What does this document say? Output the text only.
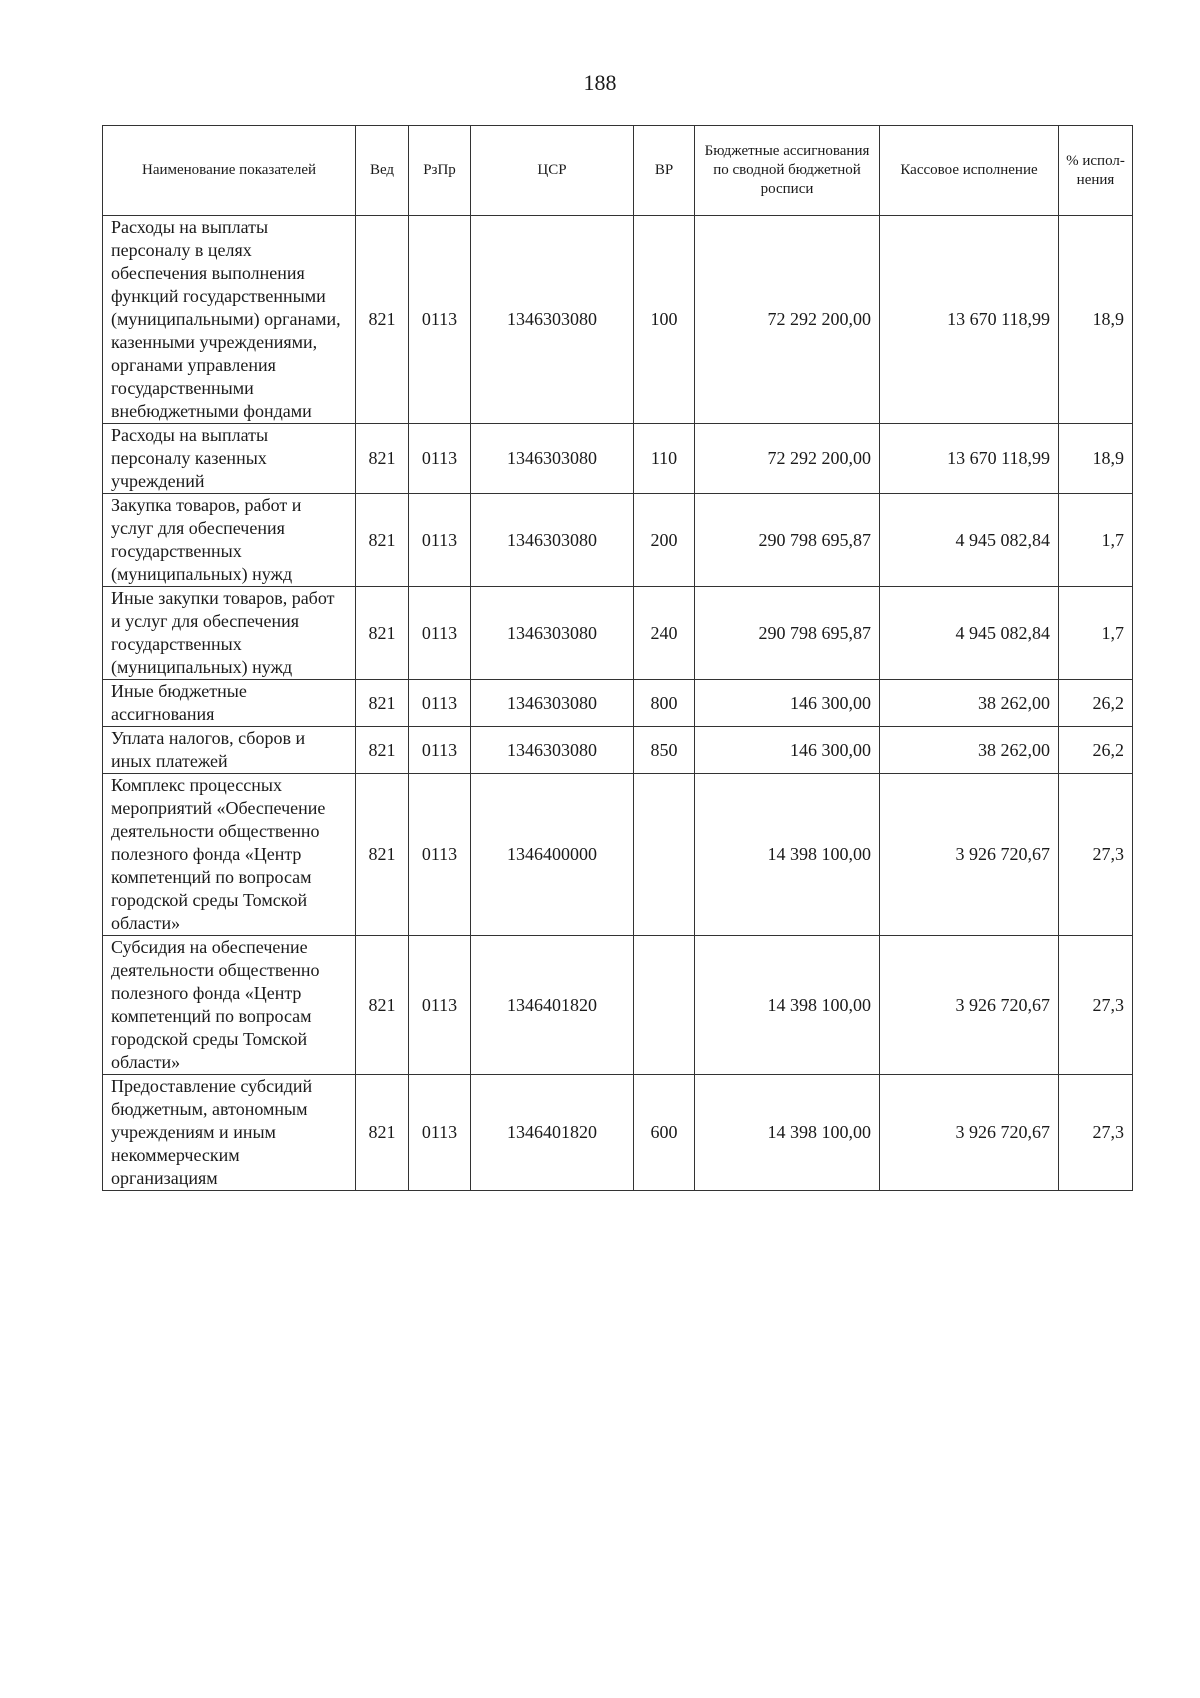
188
Наименование показателей	Вед	РзПр	ЦСР	ВР	Бюджетные ассигнования по сводной бюджетной росписи	Кассовое исполнение	% испол-нения
Расходы на выплаты персоналу в целях обеспечения выполнения функций государственными (муниципальными) органами, казенными учреждениями, органами управления государственными внебюджетными фондами	821	0113	1346303080	100	72 292 200,00	13 670 118,99	18,9
Расходы на выплаты персоналу казенных учреждений	821	0113	1346303080	110	72 292 200,00	13 670 118,99	18,9
Закупка товаров, работ и услуг для обеспечения государственных (муниципальных) нужд	821	0113	1346303080	200	290 798 695,87	4 945 082,84	1,7
Иные закупки товаров, работ и услуг для обеспечения государственных (муниципальных) нужд	821	0113	1346303080	240	290 798 695,87	4 945 082,84	1,7
Иные бюджетные ассигнования	821	0113	1346303080	800	146 300,00	38 262,00	26,2
Уплата налогов, сборов и иных платежей	821	0113	1346303080	850	146 300,00	38 262,00	26,2
Комплекс процессных мероприятий «Обеспечение деятельности общественно полезного фонда «Центр компетенций по вопросам городской среды Томской области»	821	0113	1346400000		14 398 100,00	3 926 720,67	27,3
Субсидия на обеспечение деятельности общественно полезного фонда «Центр компетенций по вопросам городской среды Томской области»	821	0113	1346401820		14 398 100,00	3 926 720,67	27,3
Предоставление субсидий бюджетным, автономным учреждениям и иным некоммерческим организациям	821	0113	1346401820	600	14 398 100,00	3 926 720,67	27,3
